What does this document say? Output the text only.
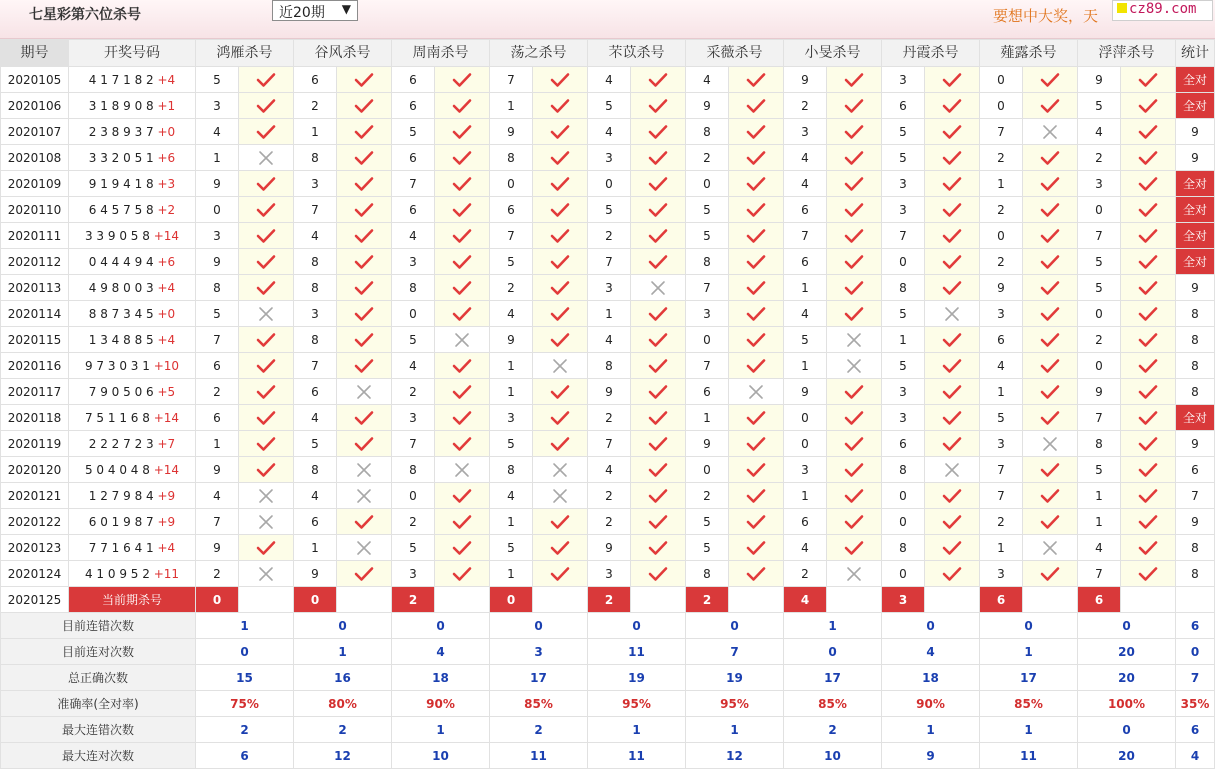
七星彩第六位杀号	近20期 ▼	要想中大奖，天	cz89.com
期号	开奖号码	鸿雁杀号		谷风杀号		周南杀号		荡之杀号		芣苡杀号		采薇杀号		小旻杀号		丹霞杀号		薤露杀号		浮萍杀号		统计
2020105	4 1 7 1 8 2 +4	5		6		6		7		4		4		9		3		0		9		全对
2020106	3 1 8 9 0 8 +1	3		2		6		1		5		9		2		6		0		5		全对
2020107	2 3 8 9 3 7 +0	4		1		5		9		4		8		3		5		7		4		9
2020108	3 3 2 0 5 1 +6	1		8		6		8		3		2		4		5		2		2		9
2020109	9 1 9 4 1 8 +3	9		3		7		0		0		0		4		3		1		3		全对
2020110	6 4 5 7 5 8 +2	0		7		6		6		5		5		6		3		2		0		全对
2020111	3 3 9 0 5 8 +14	3		4		4		7		2		5		7		7		0		7		全对
2020112	0 4 4 4 9 4 +6	9		8		3		5		7		8		6		0		2		5		全对
2020113	4 9 8 0 0 3 +4	8		8		8		2		3		7		1		8		9		5		9
2020114	8 8 7 3 4 5 +0	5		3		0		4		1		3		4		5		3		0		8
2020115	1 3 4 8 8 5 +4	7		8		5		9		4		0		5		1		6		2		8
2020116	9 7 3 0 3 1 +10	6		7		4		1		8		7		1		5		4		0		8
2020117	7 9 0 5 0 6 +5	2		6		2		1		9		6		9		3		1		9		8
2020118	7 5 1 1 6 8 +14	6		4		3		3		2		1		0		3		5		7		全对
2020119	2 2 2 7 2 3 +7	1		5		7		5		7		9		0		6		3		8		9
2020120	5 0 4 0 4 8 +14	9		8		8		8		4		0		3		8		7		5		6
2020121	1 2 7 9 8 4 +9	4		4		0		4		2		2		1		0		7		1		7
2020122	6 0 1 9 8 7 +9	7		6		2		1		2		5		6		0		2		1		9
2020123	7 7 1 6 4 1 +4	9		1		5		5		9		5		4		8		1		4		8
2020124	4 1 0 9 5 2 +11	2		9		3		1		3		8		2		0		3		7		8
2020125	当前期杀号	0		0		2		0		2		2		4		3		6		6		
目前连错次数		1		0		0		0		0		0		1		0		0		0		6
目前连对次数		0		1		4		3		11		7		0		4		1		20		0
总正确次数		15		16		18		17		19		19		17		18		17		20		7
准确率(全对率)		75%		80%		90%		85%		95%		95%		85%		90%		85%		100%		35%
最大连错次数		2		2		1		2		1		1		2		1		1		0		6
最大连对次数		6		12		10		11		11		12		10		9		11		20		4
